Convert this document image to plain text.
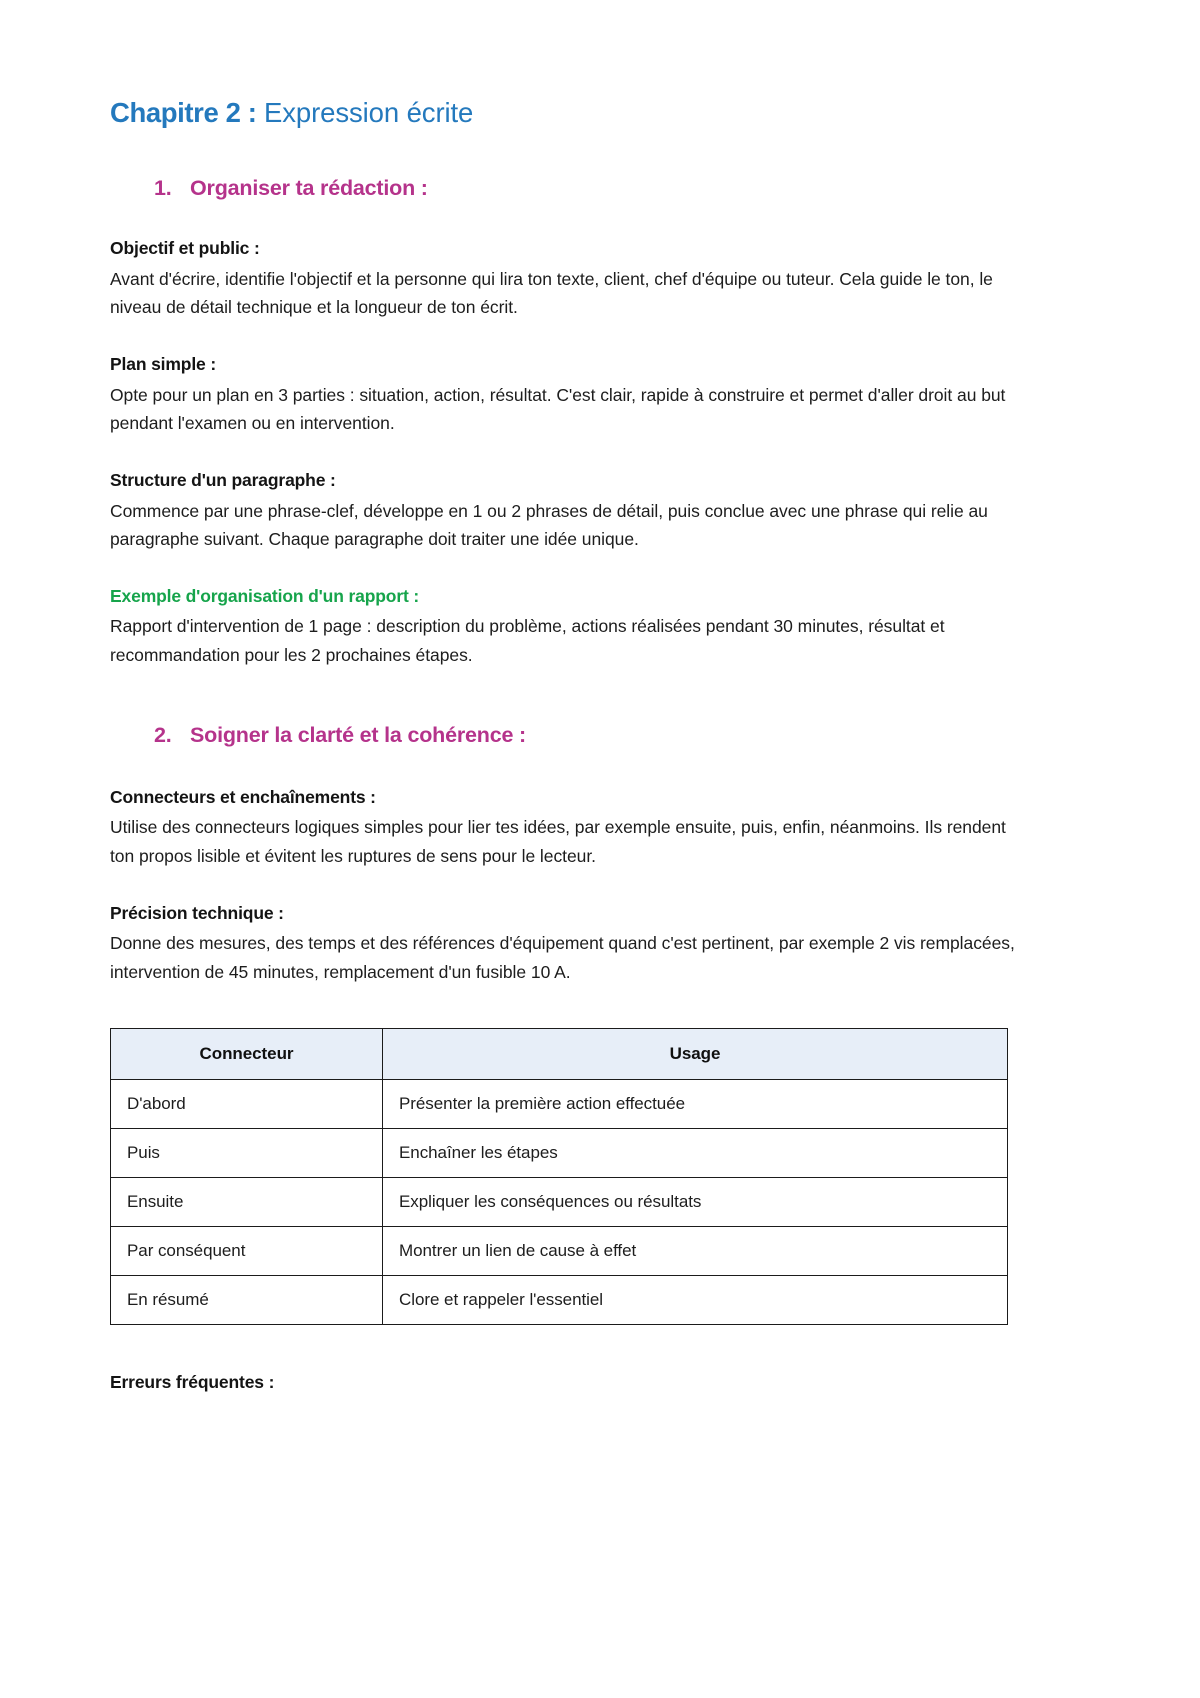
Chapitre 2 : Expression écrite
1. Organiser ta rédaction :

Objectif et public :

Avant d'écrire, identifie l'objectif et la personne qui lira ton texte, client, chef d'équipe ou tuteur. Cela guide le ton, le niveau de détail technique et la longueur de ton écrit.

Plan simple :

Opte pour un plan en 3 parties : situation, action, résultat. C'est clair, rapide à construire et permet d'aller droit au but pendant l'examen ou en intervention.

Structure d'un paragraphe :

Commence par une phrase-clef, développe en 1 ou 2 phrases de détail, puis conclue avec une phrase qui relie au paragraphe suivant. Chaque paragraphe doit traiter une idée unique.

Exemple d'organisation d'un rapport :

Rapport d'intervention de 1 page : description du problème, actions réalisées pendant 30 minutes, résultat et recommandation pour les 2 prochaines étapes.

2. Soigner la clarté et la cohérence :

Connecteurs et enchaînements :

Utilise des connecteurs logiques simples pour lier tes idées, par exemple ensuite, puis, enfin, néanmoins. Ils rendent ton propos lisible et évitent les ruptures de sens pour le lecteur.

Précision technique :

Donne des mesures, des temps et des références d'équipement quand c'est pertinent, par exemple 2 vis remplacées, intervention de 45 minutes, remplacement d'un fusible 10 A.

Connecteur	Usage
D'abord	Présenter la première action effectuée
Puis	Enchaîner les étapes
Ensuite	Expliquer les conséquences ou résultats
Par conséquent	Montrer un lien de cause à effet
En résumé	Clore et rappeler l'essentiel

Erreurs fréquentes :
